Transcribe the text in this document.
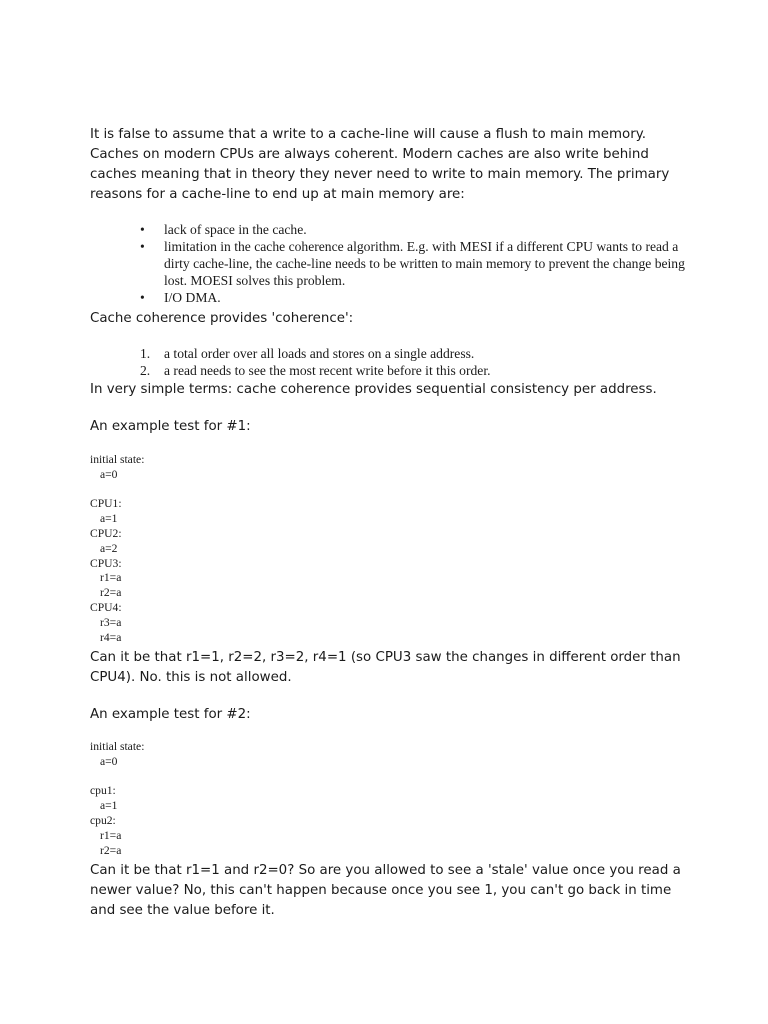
It is false to assume that a write to a cache-line will cause a flush to main memory. Caches on modern CPUs are always coherent. Modern caches are also write behind caches meaning that in theory they never need to write to main memory. The primary reasons for a cache-line to end up at main memory are:

• lack of space in the cache.
• limitation in the cache coherence algorithm. E.g. with MESI if a different CPU wants to read a dirty cache-line, the cache-line needs to be written to main memory to prevent the change being lost. MOESI solves this problem.
• I/O DMA.

Cache coherence provides 'coherence':

1. a total order over all loads and stores on a single address.
2. a read needs to see the most recent write before it this order.

In very simple terms: cache coherence provides sequential consistency per address.

An example test for #1:

initial state:
a=0

CPU1:
a=1
CPU2:
a=2
CPU3:
r1=a
r2=a
CPU4:
r3=a
r4=a

Can it be that r1=1, r2=2, r3=2, r4=1 (so CPU3 saw the changes in different order than CPU4). No. this is not allowed.

An example test for #2:

initial state:
a=0

cpu1:
a=1
cpu2:
r1=a
r2=a

Can it be that r1=1 and r2=0? So are you allowed to see a 'stale' value once you read a newer value? No, this can't happen because once you see 1, you can't go back in time and see the value before it.
